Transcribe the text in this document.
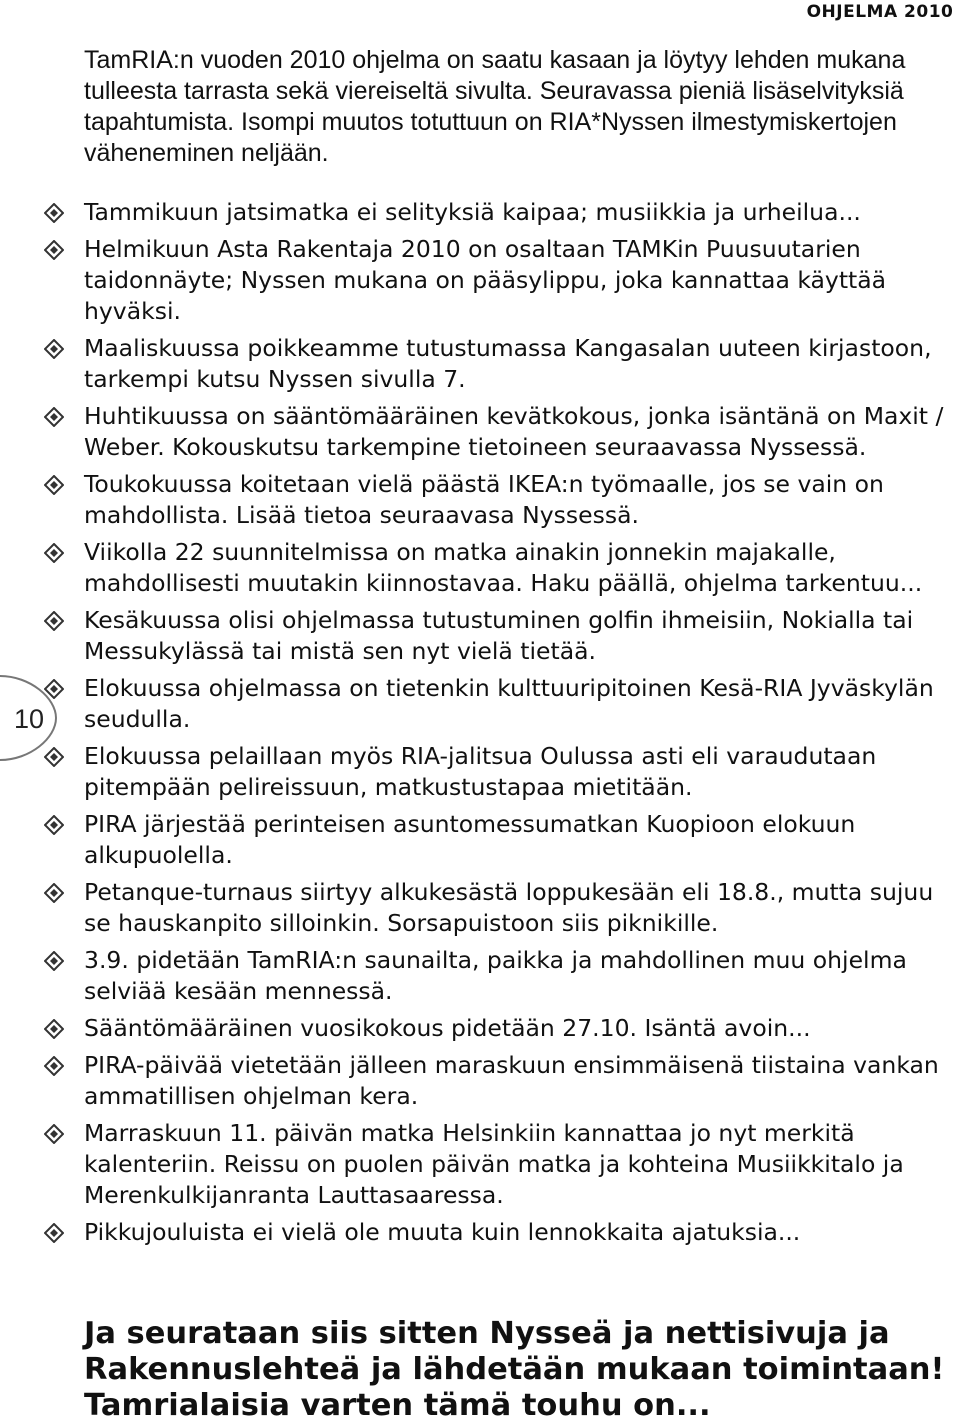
OHJELMA 2010

TamRIA:n vuoden 2010 ohjelma on saatu kasaan ja löytyy lehden mukana tulleesta tarrasta sekä viereiseltä sivulta. Seuravassa pieniä lisäselvityksiä tapahtumista. Isompi muutos totuttuun on RIA*Nyssen ilmestymiskertojen väheneminen neljään.

Tammikuun jatsimatka ei selityksiä kaipaa; musiikkia ja urheilua...
Helmikuun Asta Rakentaja 2010 on osaltaan TAMKin Puusuutarien taidonnäyte; Nyssen mukana on pääsylippu, joka kannattaa käyttää hyväksi.
Maaliskuussa poikkeamme tutustumassa Kangasalan uuteen kirjastoon, tarkempi kutsu Nyssen sivulla 7.
Huhtikuussa on sääntömääräinen kevätkokous, jonka isäntänä on Maxit / Weber. Kokouskutsu tarkempine tietoineen seuraavassa Nyssessä.
Toukokuussa koitetaan vielä päästä IKEA:n työmaalle, jos se vain on mahdollista. Lisää tietoa seuraavasa Nyssessä.
Viikolla 22 suunnitelmissa on matka ainakin jonnekin majakalle, mahdollisesti muutakin kiinnostavaa. Haku päällä, ohjelma tarkentuu...
Kesäkuussa olisi ohjelmassa tutustuminen golfin ihmeisiin, Nokialla tai Messukylässä tai mistä sen nyt vielä tietää.
Elokuussa ohjelmassa on tietenkin kulttuuripitoinen Kesä-RIA Jyväskylän seudulla.
Elokuussa pelaillaan myös RIA-jalitsua Oulussa asti eli varaudutaan pitempään pelireissuun, matkustustapaa mietitään.
PIRA järjestää perinteisen asuntomessumatkan Kuopioon elokuun alkupuolella.
Petanque-turnaus siirtyy alkukesästä loppukesään eli 18.8., mutta sujuu se hauskanpito silloinkin. Sorsapuistoon siis piknikille.
3.9. pidetään TamRIA:n saunailta, paikka ja mahdollinen muu ohjelma selviää kesään mennessä.
Sääntömääräinen vuosikokous pidetään 27.10. Isäntä avoin...
PIRA-päivää vietetään jälleen maraskuun ensimmäisenä tiistaina vankan ammatillisen ohjelman kera.
Marraskuun 11. päivän matka Helsinkiin kannattaa jo nyt merkitä kalenteriin. Reissu on puolen päivän matka ja kohteina Musiikkitalo ja Merenkulkijanranta Lauttasaaressa.
Pikkujouluista ei vielä ole muuta kuin lennokkaita ajatuksia...
10

Ja seurataan siis sitten Nysseä ja nettisivuja ja Rakennuslehteä ja lähdetään mukaan toimintaan! Tamrialaisia varten tämä touhu on...
